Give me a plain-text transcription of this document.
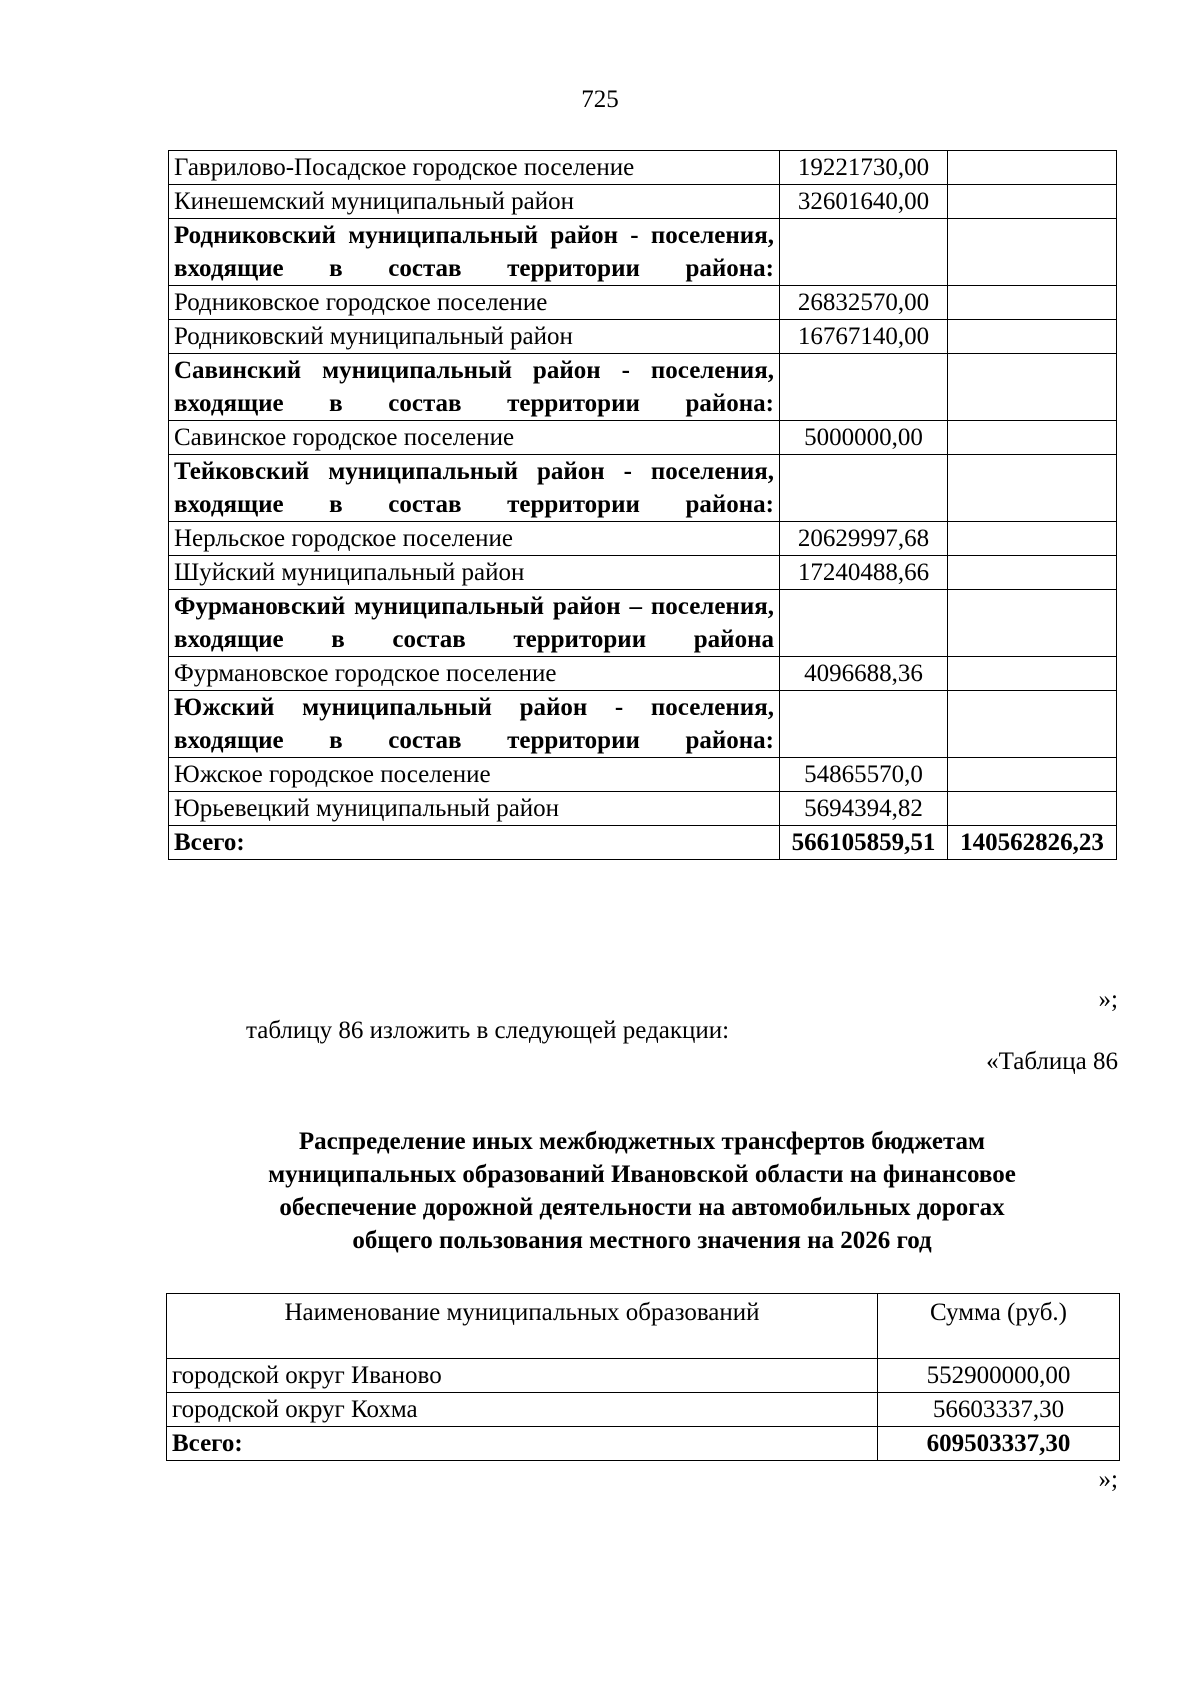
725
Гаврилово-Посадское городское поселение	19221730,00	
Кинешемский муниципальный район	32601640,00	
Родниковский муниципальный район - поселения, входящие в состав территории района:		
Родниковское городское поселение	26832570,00	
Родниковский муниципальный район	16767140,00	
Савинский муниципальный район - поселения, входящие в состав территории района:		
Савинское городское поселение	5000000,00	
Тейковский муниципальный район - поселения, входящие в состав территории района:		
Нерльское городское поселение	20629997,68	
Шуйский муниципальный район	17240488,66	
Фурмановский муниципальный район – поселения, входящие в состав территории района		
Фурмановское городское поселение	4096688,36	
Южский муниципальный район - поселения, входящие в состав территории района:		
Южское городское поселение	54865570,0	
Юрьевецкий муниципальный район	5694394,82	
Всего:	566105859,51	140562826,23
»;
таблицу 86 изложить в следующей редакции:
«Таблица 86
Распределение иных межбюджетных трансфертов бюджетам
муниципальных образований Ивановской области на финансовое
обеспечение дорожной деятельности на автомобильных дорогах
общего пользования местного значения на 2026 год
Наименование муниципальных образований	Сумма (руб.)
городской округ Иваново	552900000,00
городской округ Кохма	56603337,30
Всего:	609503337,30
»;
